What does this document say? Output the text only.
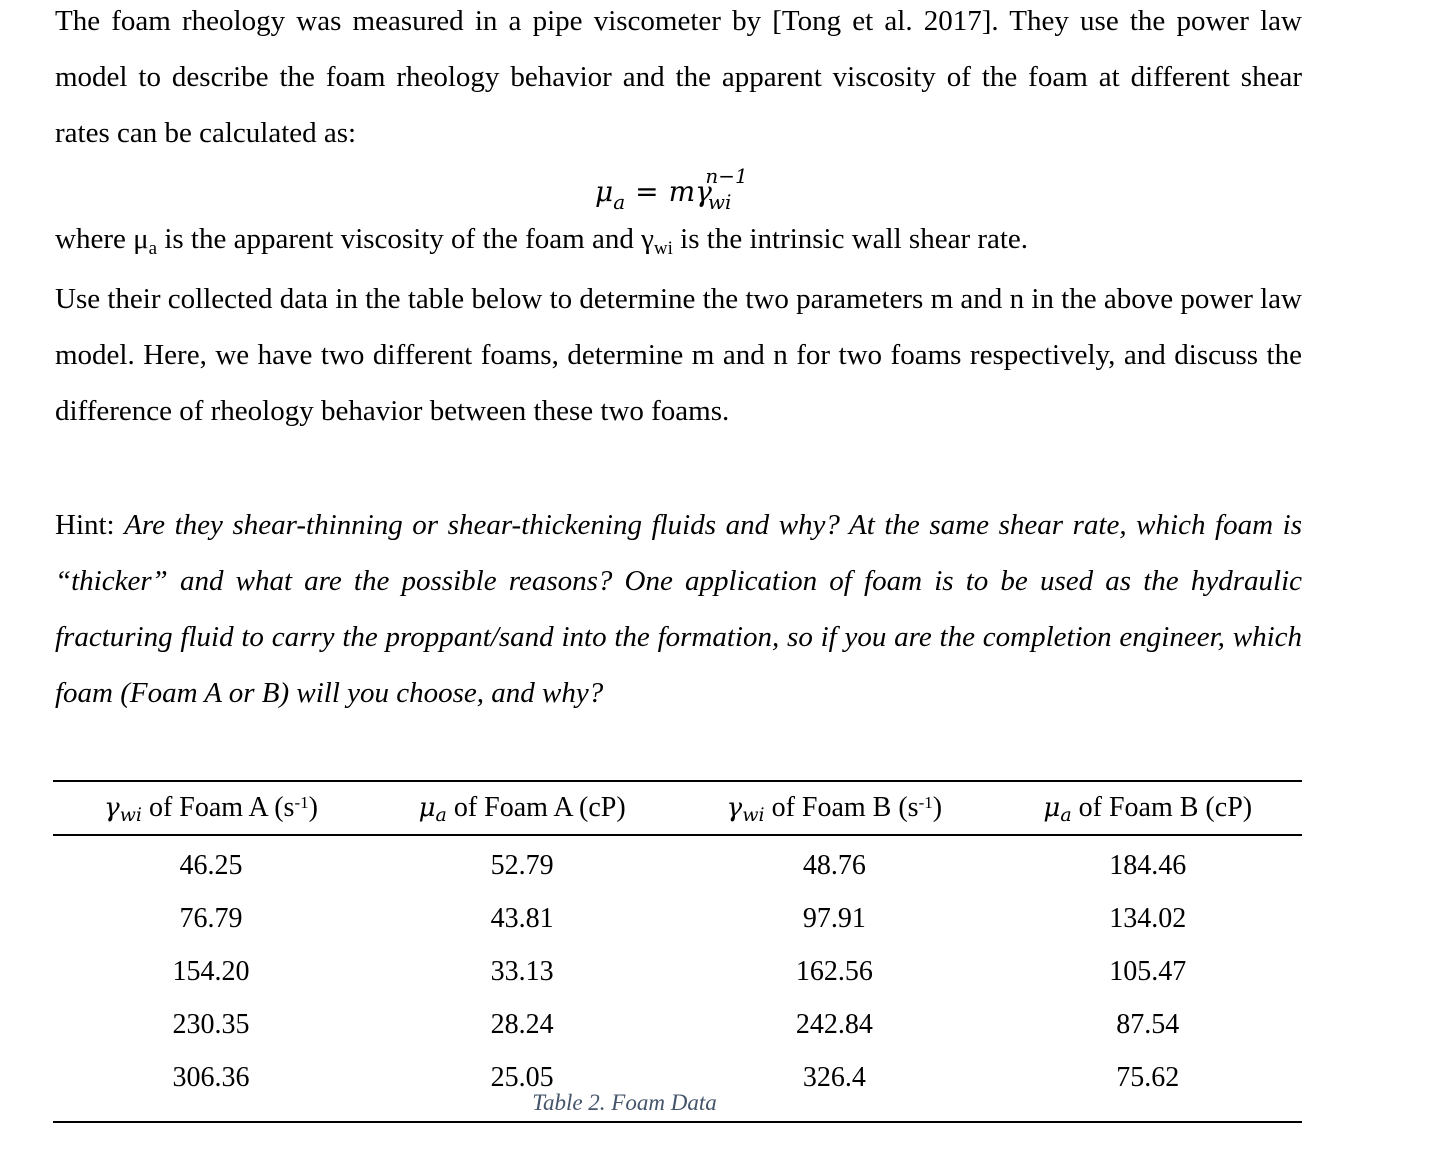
The foam rheology was measured in a pipe viscometer by [Tong et al. 2017]. They use the power law model to describe the foam rheology behavior and the apparent viscosity of the foam at different shear rates can be calculated as:

$\mu_a = m\gamma_{wi}^{n-1}$

where $\mu_a$ is the apparent viscosity of the foam and $\gamma_{wi}$ is the intrinsic wall shear rate.

Use their collected data in the table below to determine the two parameters m and n in the above power law model. Here, we have two different foams, determine m and n for two foams respectively, and discuss the difference of rheology behavior between these two foams.

Hint: Are they shear-thinning or shear-thickening fluids and why? At the same shear rate, which foam is “thicker” and what are the possible reasons? One application of foam is to be used as the hydraulic fracturing fluid to carry the proppant/sand into the formation, so if you are the completion engineer, which foam (Foam A or B) will you choose, and why?

γwi of Foam A $(s^{-1})$	μa of Foam A (cP)	γwi of Foam B $(s^{-1})$	μa of Foam B (cP)
46.25	52.79	48.76	184.46
76.79	43.81	97.91	134.02
154.20	33.13	162.56	105.47
230.35	28.24	242.84	87.54
306.36	25.05	326.4	75.62
Table 2. Foam Data
